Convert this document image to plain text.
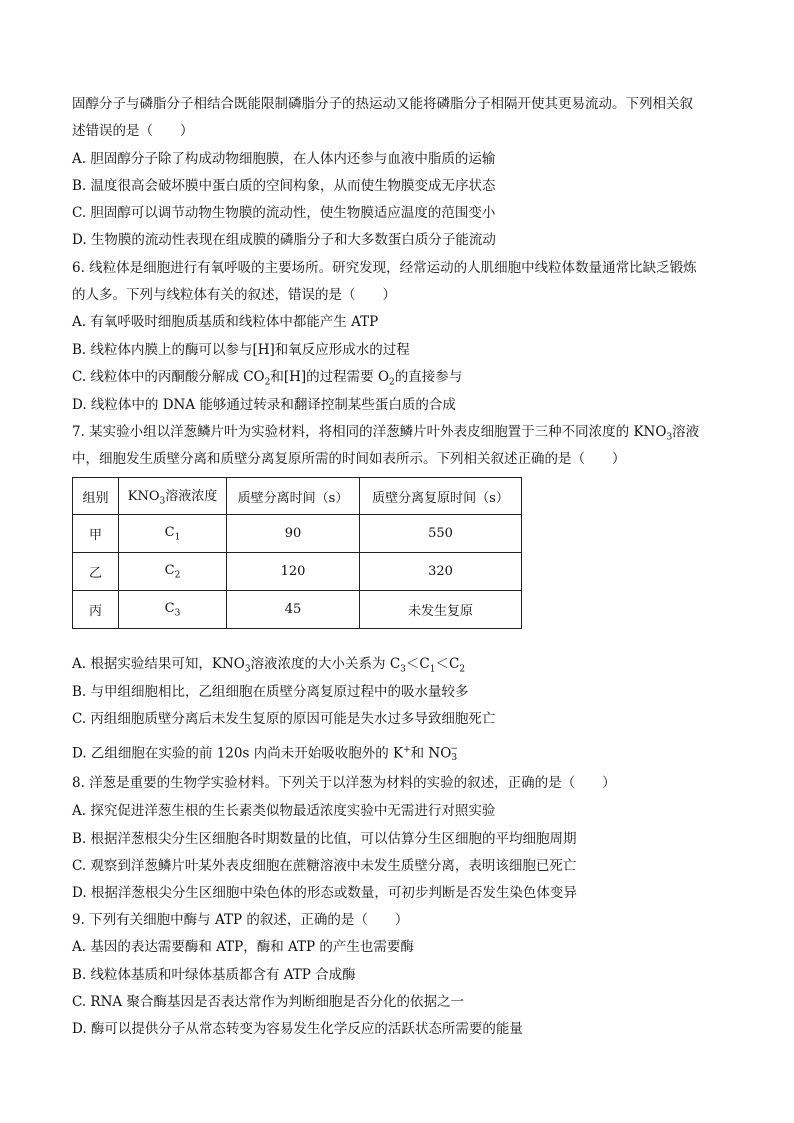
固醇分子与磷脂分子相结合既能限制磷脂分子的热运动又能将磷脂分子相隔开使其更易流动。下列相关叙
述错误的是（　　）
A. 胆固醇分子除了构成动物细胞膜，在人体内还参与血液中脂质的运输
B. 温度很高会破坏膜中蛋白质的空间构象，从而使生物膜变成无序状态
C. 胆固醇可以调节动物生物膜的流动性，使生物膜适应温度的范围变小
D. 生物膜的流动性表现在组成膜的磷脂分子和大多数蛋白质分子能流动
6. 线粒体是细胞进行有氧呼吸的主要场所。研究发现，经常运动的人肌细胞中线粒体数量通常比缺乏锻炼
的人多。下列与线粒体有关的叙述，错误的是（　　）
A. 有氧呼吸时细胞质基质和线粒体中都能产生 ATP
B. 线粒体内膜上的酶可以参与[H]和氧反应形成水的过程
C. 线粒体中的丙酮酸分解成 $CO_2$和[H]的过程需要 $O_2$的直接参与
D. 线粒体中的 DNA 能够通过转录和翻译控制某些蛋白质的合成
7. 某实验小组以洋葱鳞片叶为实验材料，将相同的洋葱鳞片叶外表皮细胞置于三种不同浓度的 $KNO_3$溶液
中，细胞发生质壁分离和质壁分离复原所需的时间如表所示。下列相关叙述正确的是（　　）
组别	$KNO_3$溶液浓度	质壁分离时间（s）	质壁分离复原时间（s）
甲	$C_1$	90	550
乙	$C_2$	120	320
丙	$C_3$	45	未发生复原
A. 根据实验结果可知，$KNO_3$溶液浓度的大小关系为 $C_3<C_1<C_2$
B. 与甲组细胞相比，乙组细胞在质壁分离复原过程中的吸水量较多
C. 丙组细胞质壁分离后未发生复原的原因可能是失水过多导致细胞死亡
D. 乙组细胞在实验的前 120s 内尚未开始吸收胞外的 K+和 NO −
3
8. 洋葱是重要的生物学实验材料。下列关于以洋葱为材料的实验的叙述，正确的是（　　）
A. 探究促进洋葱生根的生长素类似物最适浓度实验中无需进行对照实验
B. 根据洋葱根尖分生区细胞各时期数量的比值，可以估算分生区细胞的平均细胞周期
C. 观察到洋葱鳞片叶某外表皮细胞在蔗糖溶液中未发生质壁分离，表明该细胞已死亡
D. 根据洋葱根尖分生区细胞中染色体的形态或数量，可初步判断是否发生染色体变异
9. 下列有关细胞中酶与 ATP 的叙述，正确的是（　　）
A. 基因的表达需要酶和 ATP，酶和 ATP 的产生也需要酶
B. 线粒体基质和叶绿体基质都含有 ATP 合成酶
C. RNA 聚合酶基因是否表达常作为判断细胞是否分化的依据之一
D. 酶可以提供分子从常态转变为容易发生化学反应的活跃状态所需要的能量
